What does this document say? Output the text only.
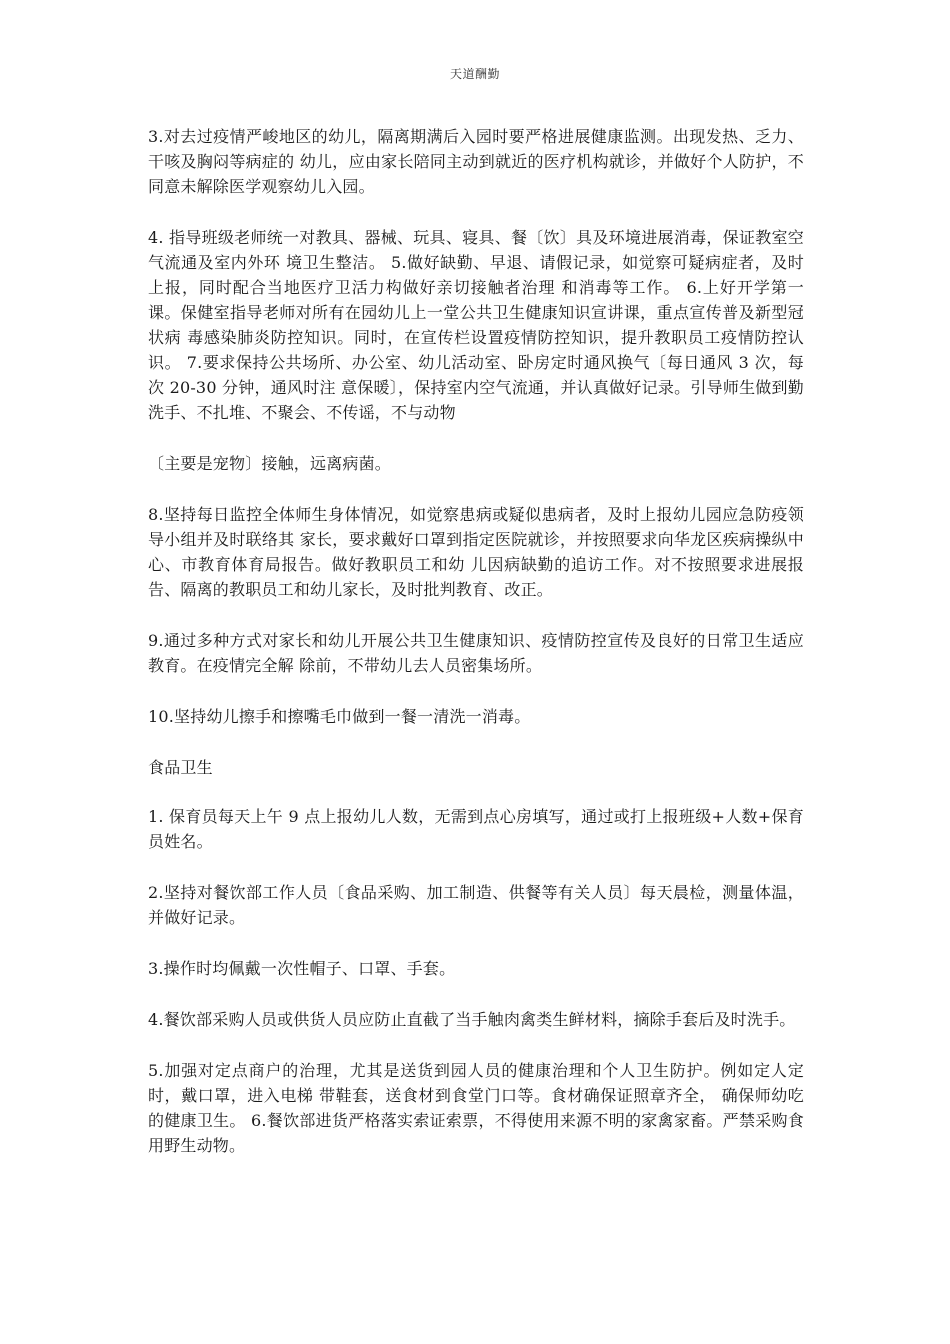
天道酬勤

3.对去过疫情严峻地区的幼儿，隔离期满后入园时要严格进展健康监测。出现发热、乏力、干咳及胸闷等病症的 幼儿，应由家长陪同主动到就近的医疗机构就诊，并做好个人防护，不同意未解除医学观察幼儿入园。

4. 指导班级老师统一对教具、器械、玩具、寝具、餐〔饮〕具及环境进展消毒，保证教室空气流通及室内外环 境卫生整洁。 5.做好缺勤、早退、请假记录，如觉察可疑病症者，及时上报，同时配合当地医疗卫活力构做好亲切接触者治理 和消毒等工作。 6.上好开学第一课。保健室指导老师对所有在园幼儿上一堂公共卫生健康知识宣讲课，重点宣传普及新型冠状病 毒感染肺炎防控知识。同时，在宣传栏设置疫情防控知识，提升教职员工疫情防控认识。 7.要求保持公共场所、办公室、幼儿活动室、卧房定时通风换气〔每日通风 3 次，每次 20-30 分钟，通风时注 意保暖〕，保持室内空气流通，并认真做好记录。引导师生做到勤洗手、不扎堆、不聚会、不传谣，不与动物

〔主要是宠物〕接触，远离病菌。

8.坚持每日监控全体师生身体情况，如觉察患病或疑似患病者，及时上报幼儿园应急防疫领导小组并及时联络其 家长，要求戴好口罩到指定医院就诊，并按照要求向华龙区疾病操纵中心、市教育体育局报告。做好教职员工和幼 儿因病缺勤的追访工作。对不按照要求进展报告、隔离的教职员工和幼儿家长，及时批判教育、改正。

9.通过多种方式对家长和幼儿开展公共卫生健康知识、疫情防控宣传及良好的日常卫生适应教育。在疫情完全解 除前，不带幼儿去人员密集场所。

10.坚持幼儿擦手和擦嘴毛巾做到一餐一清洗一消毒。

食品卫生

1. 保育员每天上午 9 点上报幼儿人数，无需到点心房填写，通过或打上报班级+人数+保育员姓名。

2.坚持对餐饮部工作人员〔食品采购、加工制造、供餐等有关人员〕每天晨检，测量体温，并做好记录。

3.操作时均佩戴一次性帽子、口罩、手套。

4.餐饮部采购人员或供货人员应防止直截了当手触肉禽类生鲜材料，摘除手套后及时洗手。

5.加强对定点商户的治理，尤其是送货到园人员的健康治理和个人卫生防护。例如定人定时，戴口罩，进入电梯 带鞋套，送食材到食堂门口等。食材确保证照章齐全， 确保师幼吃的健康卫生。 6.餐饮部进货严格落实索证索票，不得使用来源不明的家禽家畜。严禁采购食用野生动物。
